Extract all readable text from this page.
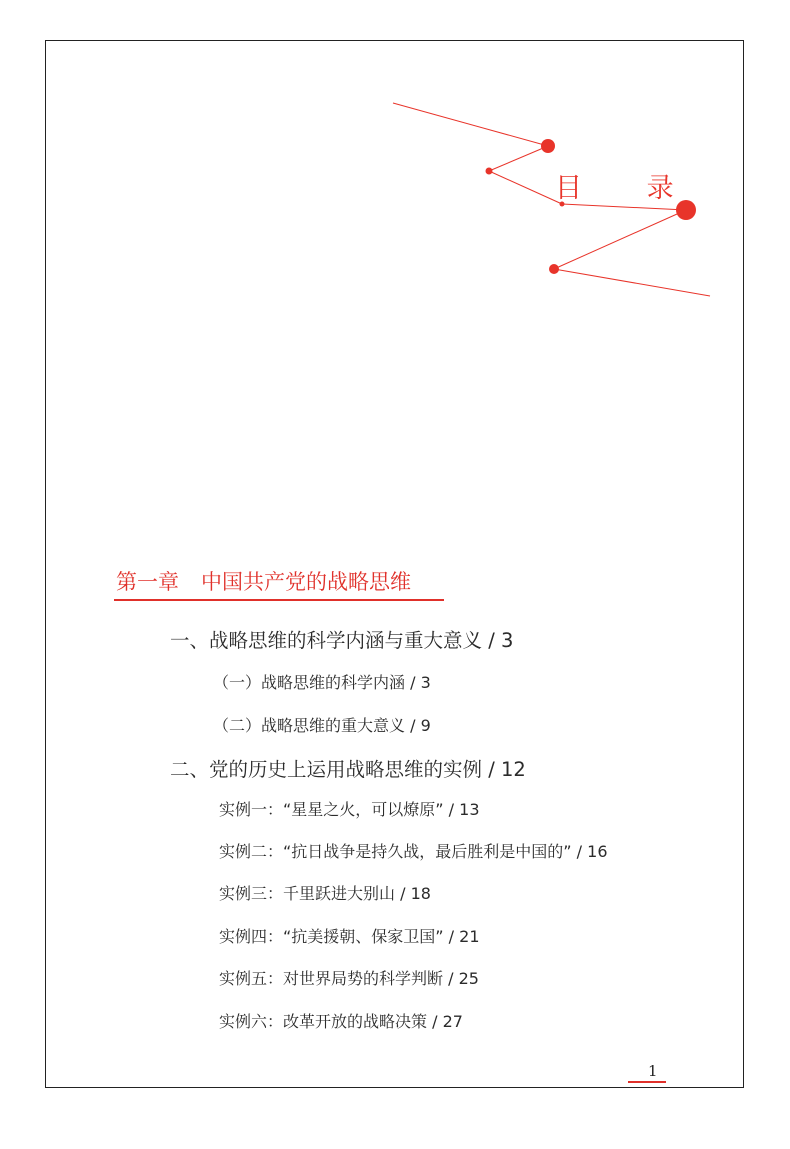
目 录
第一章 中国共产党的战略思维
一、战略思维的科学内涵与重大意义 / 3
（一）战略思维的科学内涵 / 3
（二）战略思维的重大意义 / 9
二、党的历史上运用战略思维的实例 / 12
实例一：“星星之火，可以燎原” / 13
实例二：“抗日战争是持久战，最后胜利是中国的” / 16
实例三：千里跃进大别山 / 18
实例四：“抗美援朝、保家卫国” / 21
实例五：对世界局势的科学判断 / 25
实例六：改革开放的战略决策 / 27
1
